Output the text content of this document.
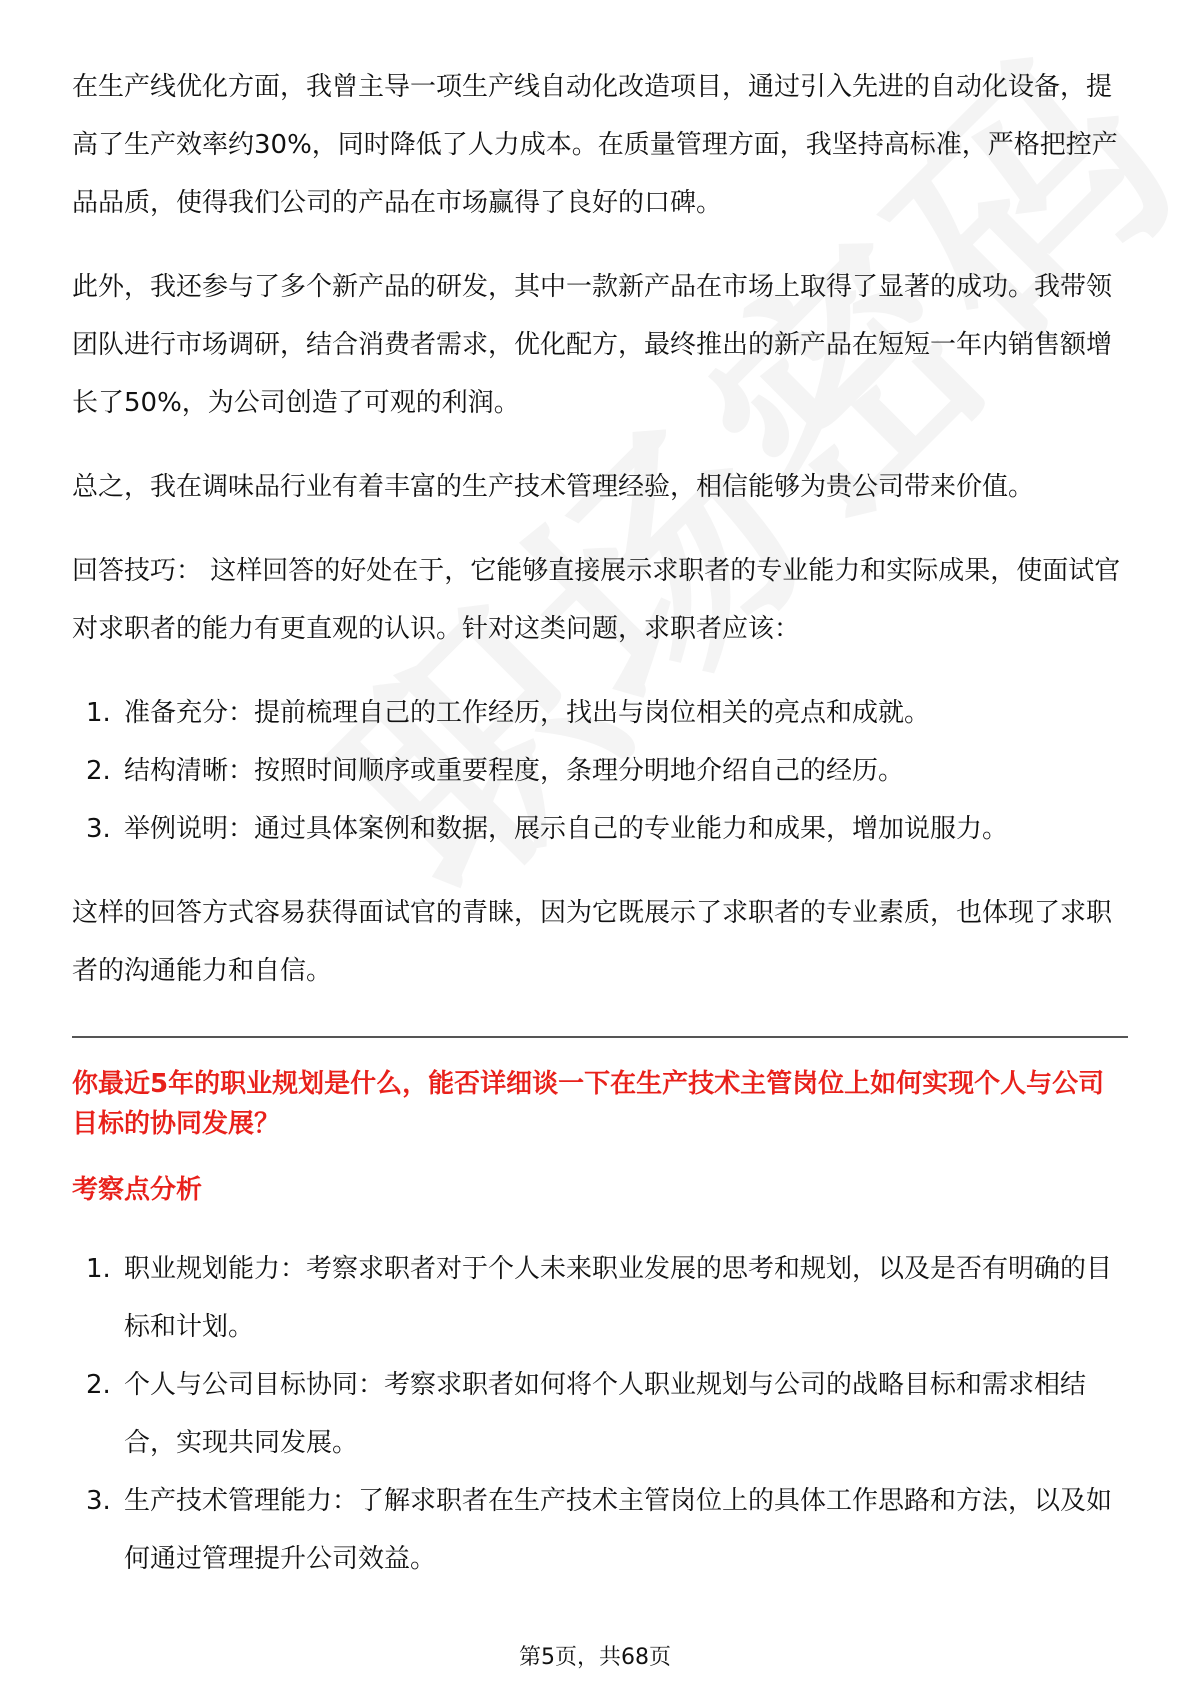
在生产线优化方面，我曾主导一项生产线自动化改造项目，通过引入先进的自动化设备，提高了生产效率约30%，同时降低了人力成本。在质量管理方面，我坚持高标准，严格把控产品品质，使得我们公司的产品在市场赢得了良好的口碑。

此外，我还参与了多个新产品的研发，其中一款新产品在市场上取得了显著的成功。我带领团队进行市场调研，结合消费者需求，优化配方，最终推出的新产品在短短一年内销售额增长了50%，为公司创造了可观的利润。

总之，我在调味品行业有着丰富的生产技术管理经验，相信能够为贵公司带来价值。

回答技巧： 这样回答的好处在于，它能够直接展示求职者的专业能力和实际成果，使面试官对求职者的能力有更直观的认识。针对这类问题，求职者应该：

1. 准备充分：提前梳理自己的工作经历，找出与岗位相关的亮点和成就。
2. 结构清晰：按照时间顺序或重要程度，条理分明地介绍自己的经历。
3. 举例说明：通过具体案例和数据，展示自己的专业能力和成果，增加说服力。

这样的回答方式容易获得面试官的青睐，因为它既展示了求职者的专业素质，也体现了求职者的沟通能力和自信。

你最近5年的职业规划是什么，能否详细谈一下在生产技术主管岗位上如何实现个人与公司目标的协同发展？
考察点分析
1. 职业规划能力：考察求职者对于个人未来职业发展的思考和规划，以及是否有明确的目标和计划。
2. 个人与公司目标协同：考察求职者如何将个人职业规划与公司的战略目标和需求相结合，实现共同发展。
3. 生产技术管理能力：了解求职者在生产技术主管岗位上的具体工作思路和方法，以及如何通过管理提升公司效益。
第5页，共68页
